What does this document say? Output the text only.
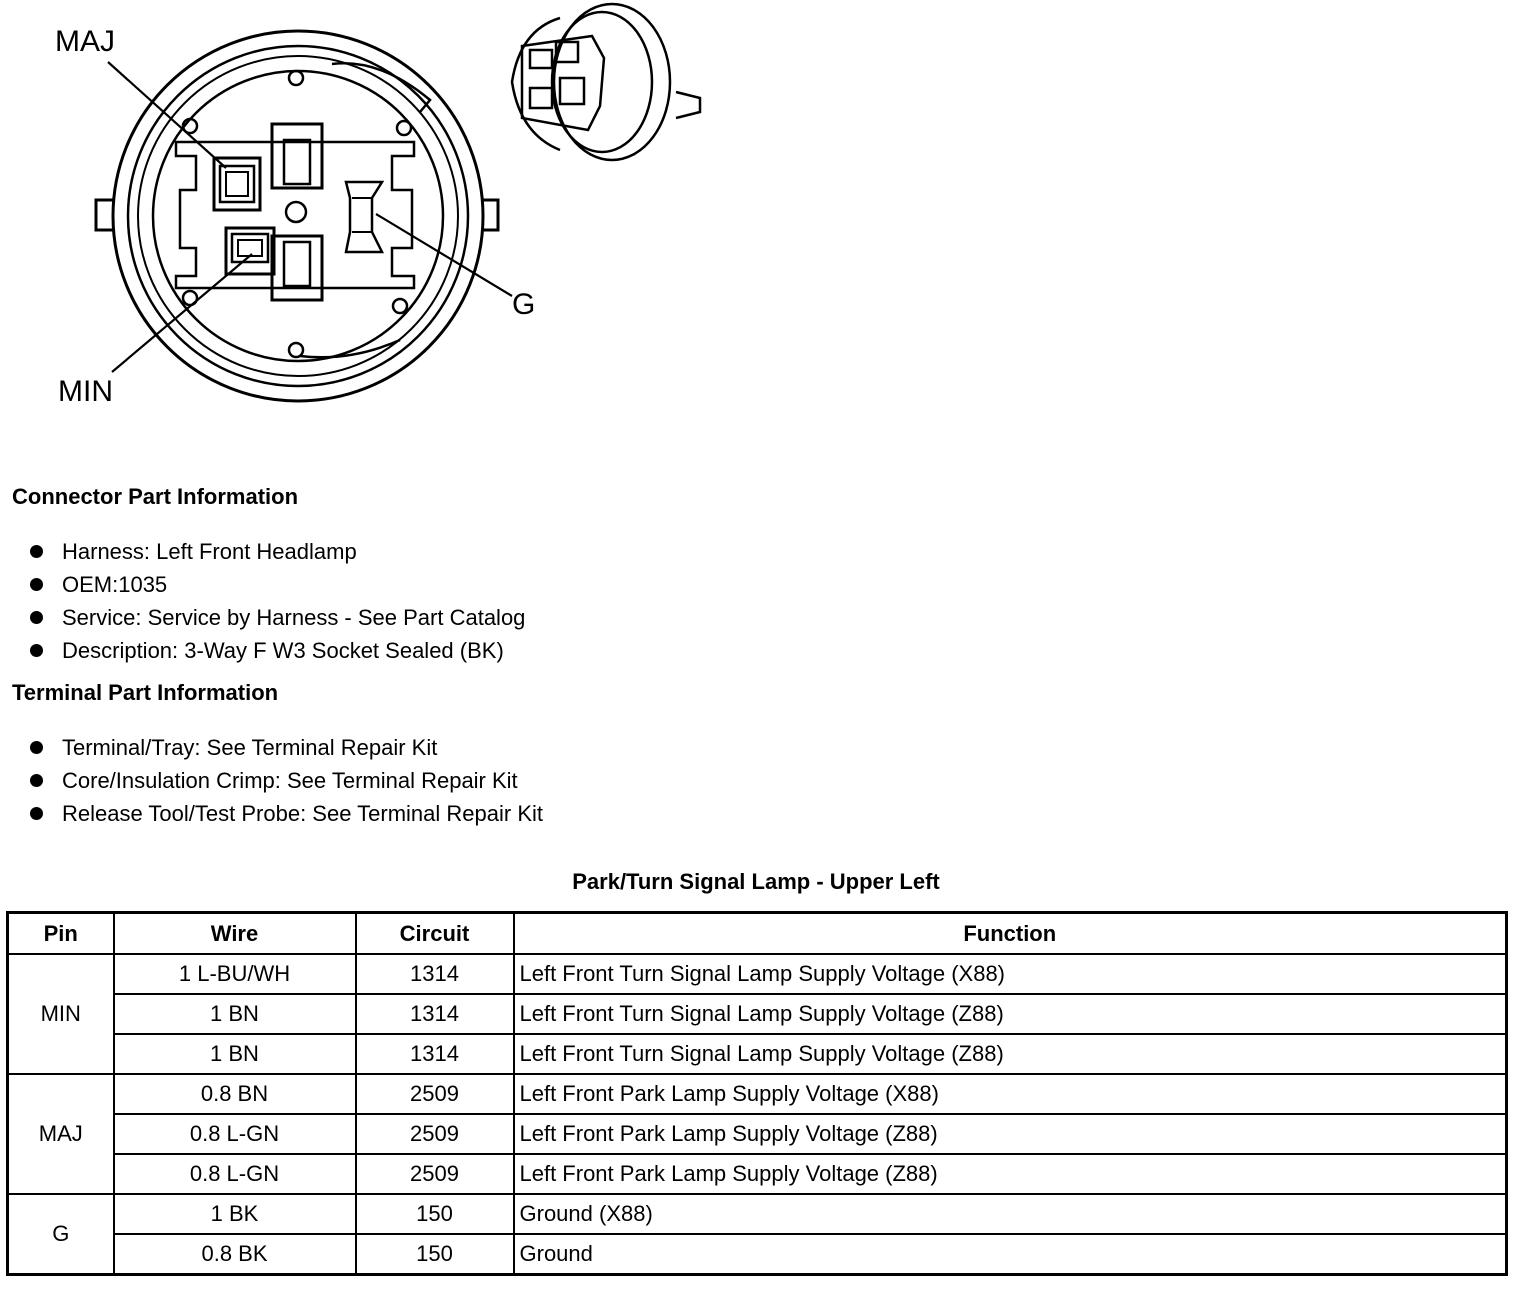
MAJ
MIN
G
Connector Part Information
Harness: Left Front Headlamp
OEM:1035
Service: Service by Harness - See Part Catalog
Description: 3-Way F W3 Socket Sealed (BK)
Terminal Part Information
Terminal/Tray: See Terminal Repair Kit
Core/Insulation Crimp: See Terminal Repair Kit
Release Tool/Test Probe: See Terminal Repair Kit
Park/Turn Signal Lamp - Upper Left
Pin	Wire	Circuit	Function
MIN	1 L-BU/WH	1314	Left Front Turn Signal Lamp Supply Voltage (X88)
	1 BN	1314	Left Front Turn Signal Lamp Supply Voltage (Z88)
	1 BN	1314	Left Front Turn Signal Lamp Supply Voltage (Z88)
MAJ	0.8 BN	2509	Left Front Park Lamp Supply Voltage (X88)
	0.8 L-GN	2509	Left Front Park Lamp Supply Voltage (Z88)
	0.8 L-GN	2509	Left Front Park Lamp Supply Voltage (Z88)
G	1 BK	150	Ground (X88)
	0.8 BK	150	Ground
